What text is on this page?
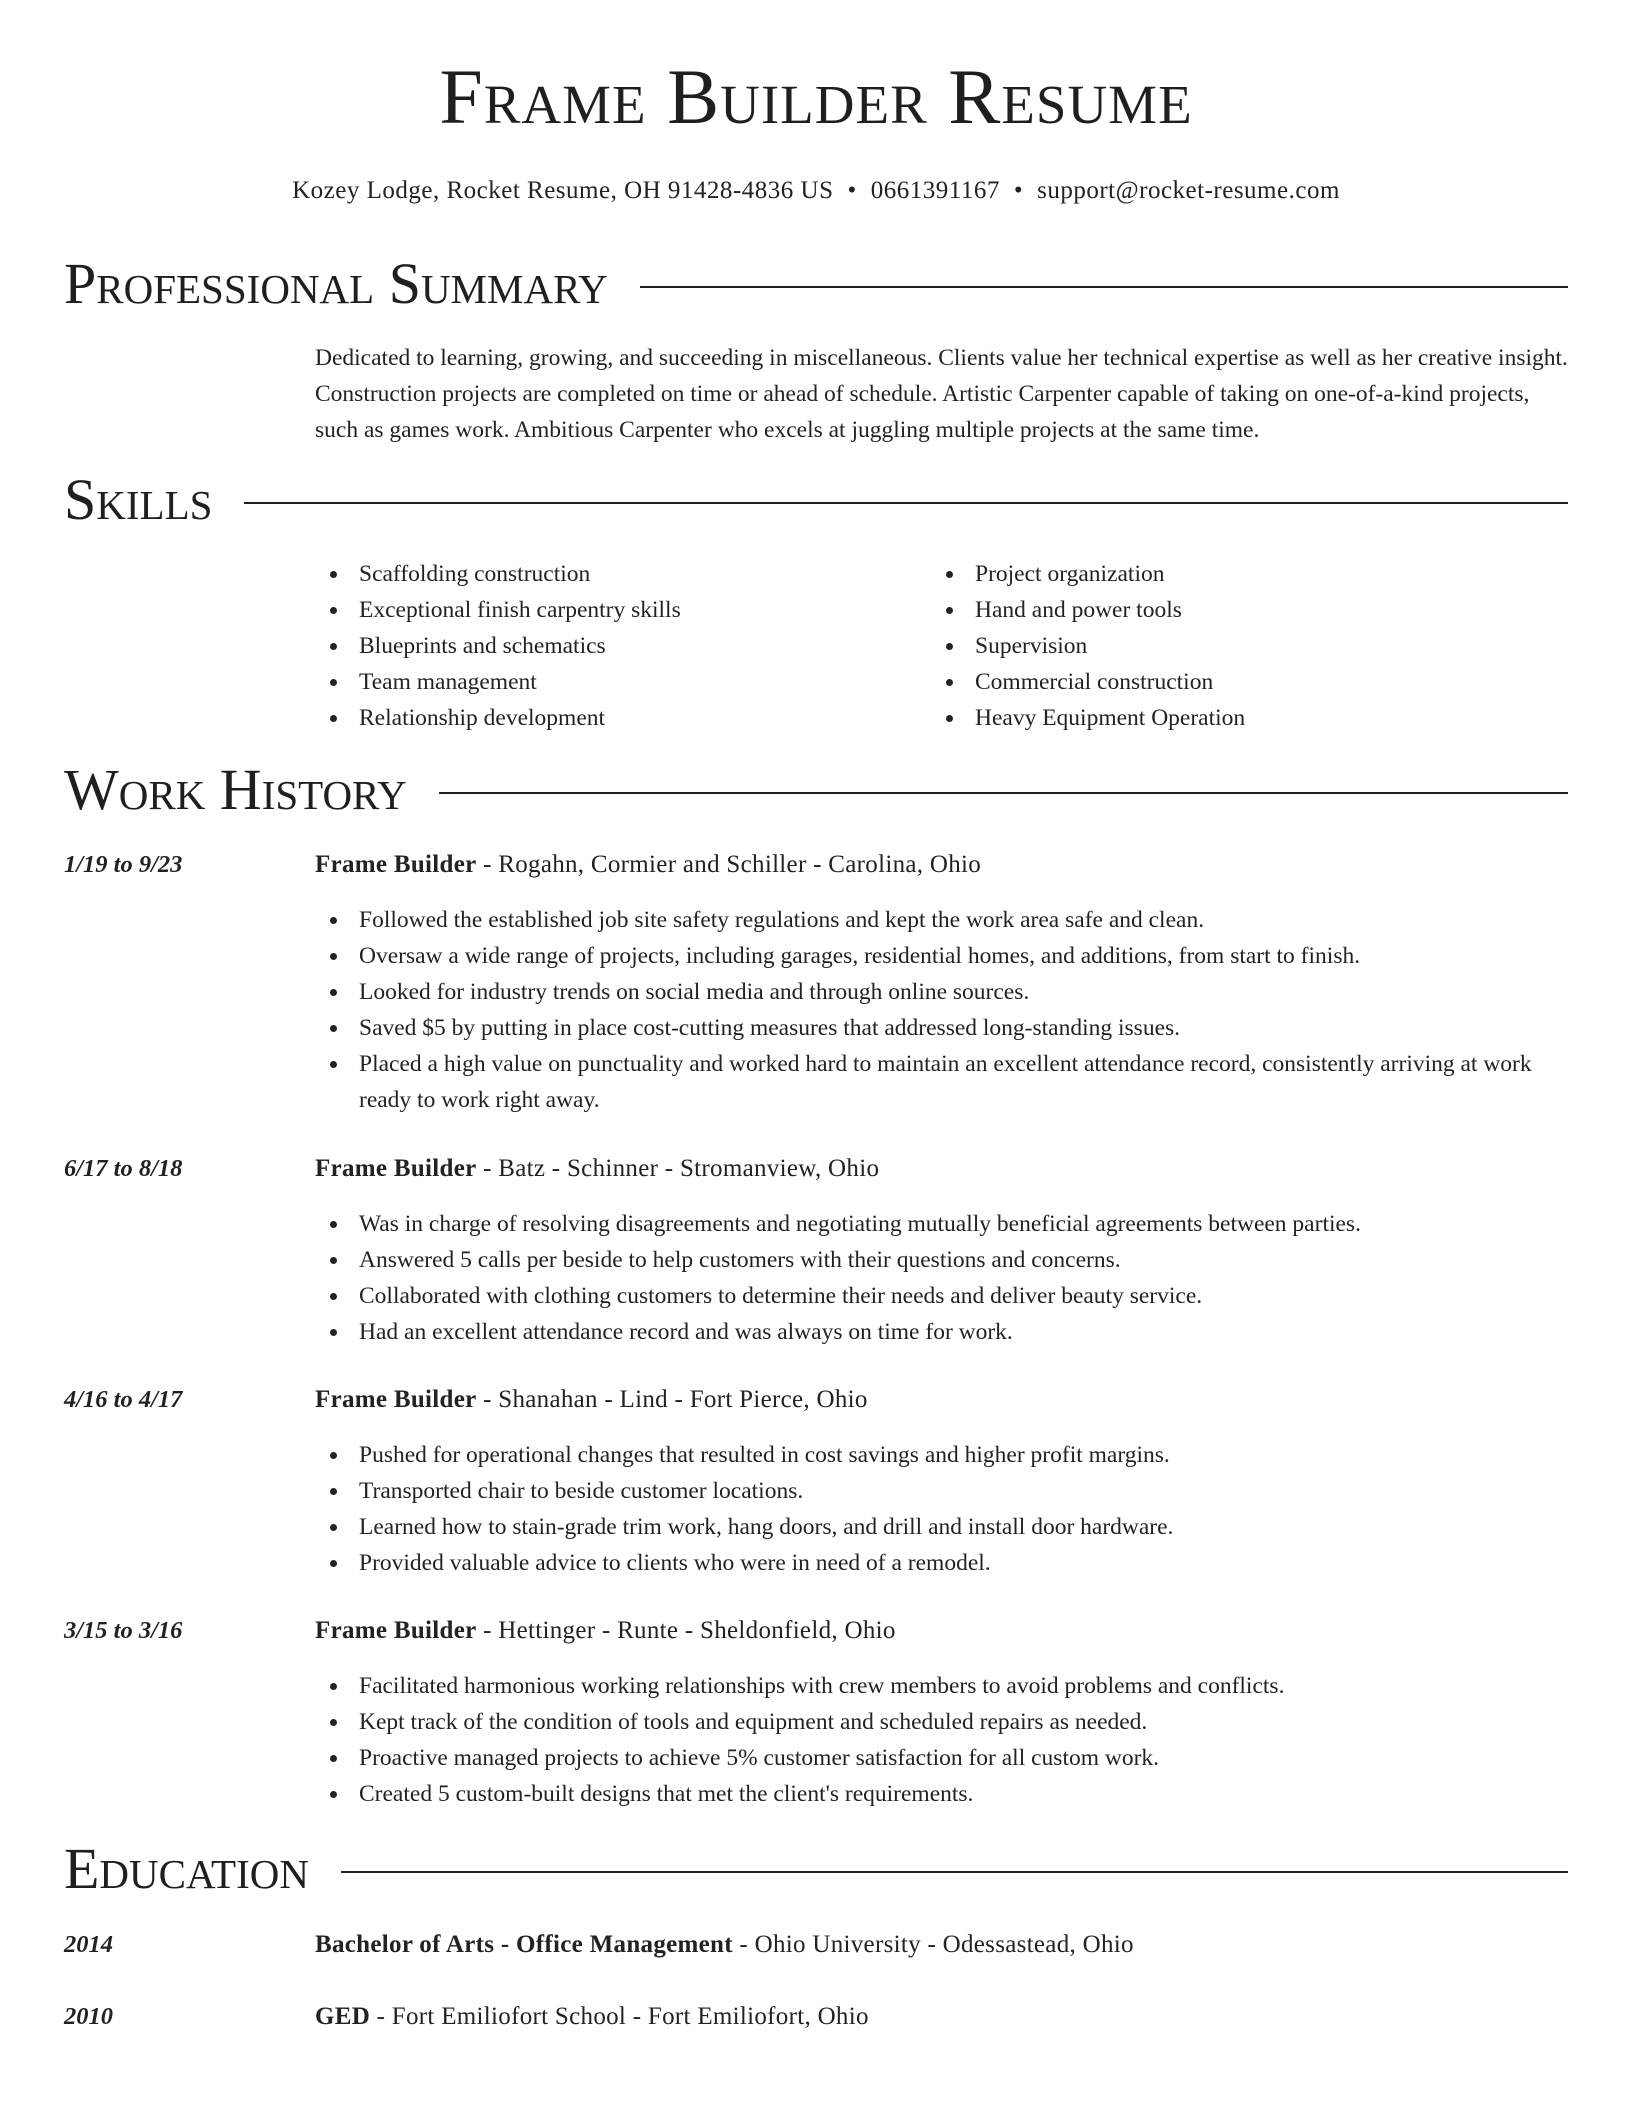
Frame Builder Resume
Kozey Lodge, Rocket Resume, OH 91428-4836 US • 0661391167 • support@rocket-resume.com
Professional Summary

Dedicated to learning, growing, and succeeding in miscellaneous. Clients value her technical expertise as well as her creative insight. Construction projects are completed on time or ahead of schedule. Artistic Carpenter capable of taking on one-of-a-kind projects, such as games work. Ambitious Carpenter who excels at juggling multiple projects at the same time.

Skills
Scaffolding construction
Exceptional finish carpentry skills
Blueprints and schematics
Team management
Relationship development
Project organization
Hand and power tools
Supervision
Commercial construction
Heavy Equipment Operation
Work History
1/19 to 9/23	Frame Builder - Rogahn, Cormier and Schiller - Carolina, Ohio
Followed the established job site safety regulations and kept the work area safe and clean.
Oversaw a wide range of projects, including garages, residential homes, and additions, from start to finish.
Looked for industry trends on social media and through online sources.
Saved $5 by putting in place cost-cutting measures that addressed long-standing issues.
Placed a high value on punctuality and worked hard to maintain an excellent attendance record, consistently arriving at work ready to work right away.
6/17 to 8/18	Frame Builder - Batz - Schinner - Stromanview, Ohio
Was in charge of resolving disagreements and negotiating mutually beneficial agreements between parties.
Answered 5 calls per beside to help customers with their questions and concerns.
Collaborated with clothing customers to determine their needs and deliver beauty service.
Had an excellent attendance record and was always on time for work.
4/16 to 4/17	Frame Builder - Shanahan - Lind - Fort Pierce, Ohio
Pushed for operational changes that resulted in cost savings and higher profit margins.
Transported chair to beside customer locations.
Learned how to stain-grade trim work, hang doors, and drill and install door hardware.
Provided valuable advice to clients who were in need of a remodel.
3/15 to 3/16	Frame Builder - Hettinger - Runte - Sheldonfield, Ohio
Facilitated harmonious working relationships with crew members to avoid problems and conflicts.
Kept track of the condition of tools and equipment and scheduled repairs as needed.
Proactive managed projects to achieve 5% customer satisfaction for all custom work.
Created 5 custom-built designs that met the client's requirements.
Education
2014	Bachelor of Arts - Office Management - Ohio University - Odessastead, Ohio
2010	GED - Fort Emiliofort School - Fort Emiliofort, Ohio
